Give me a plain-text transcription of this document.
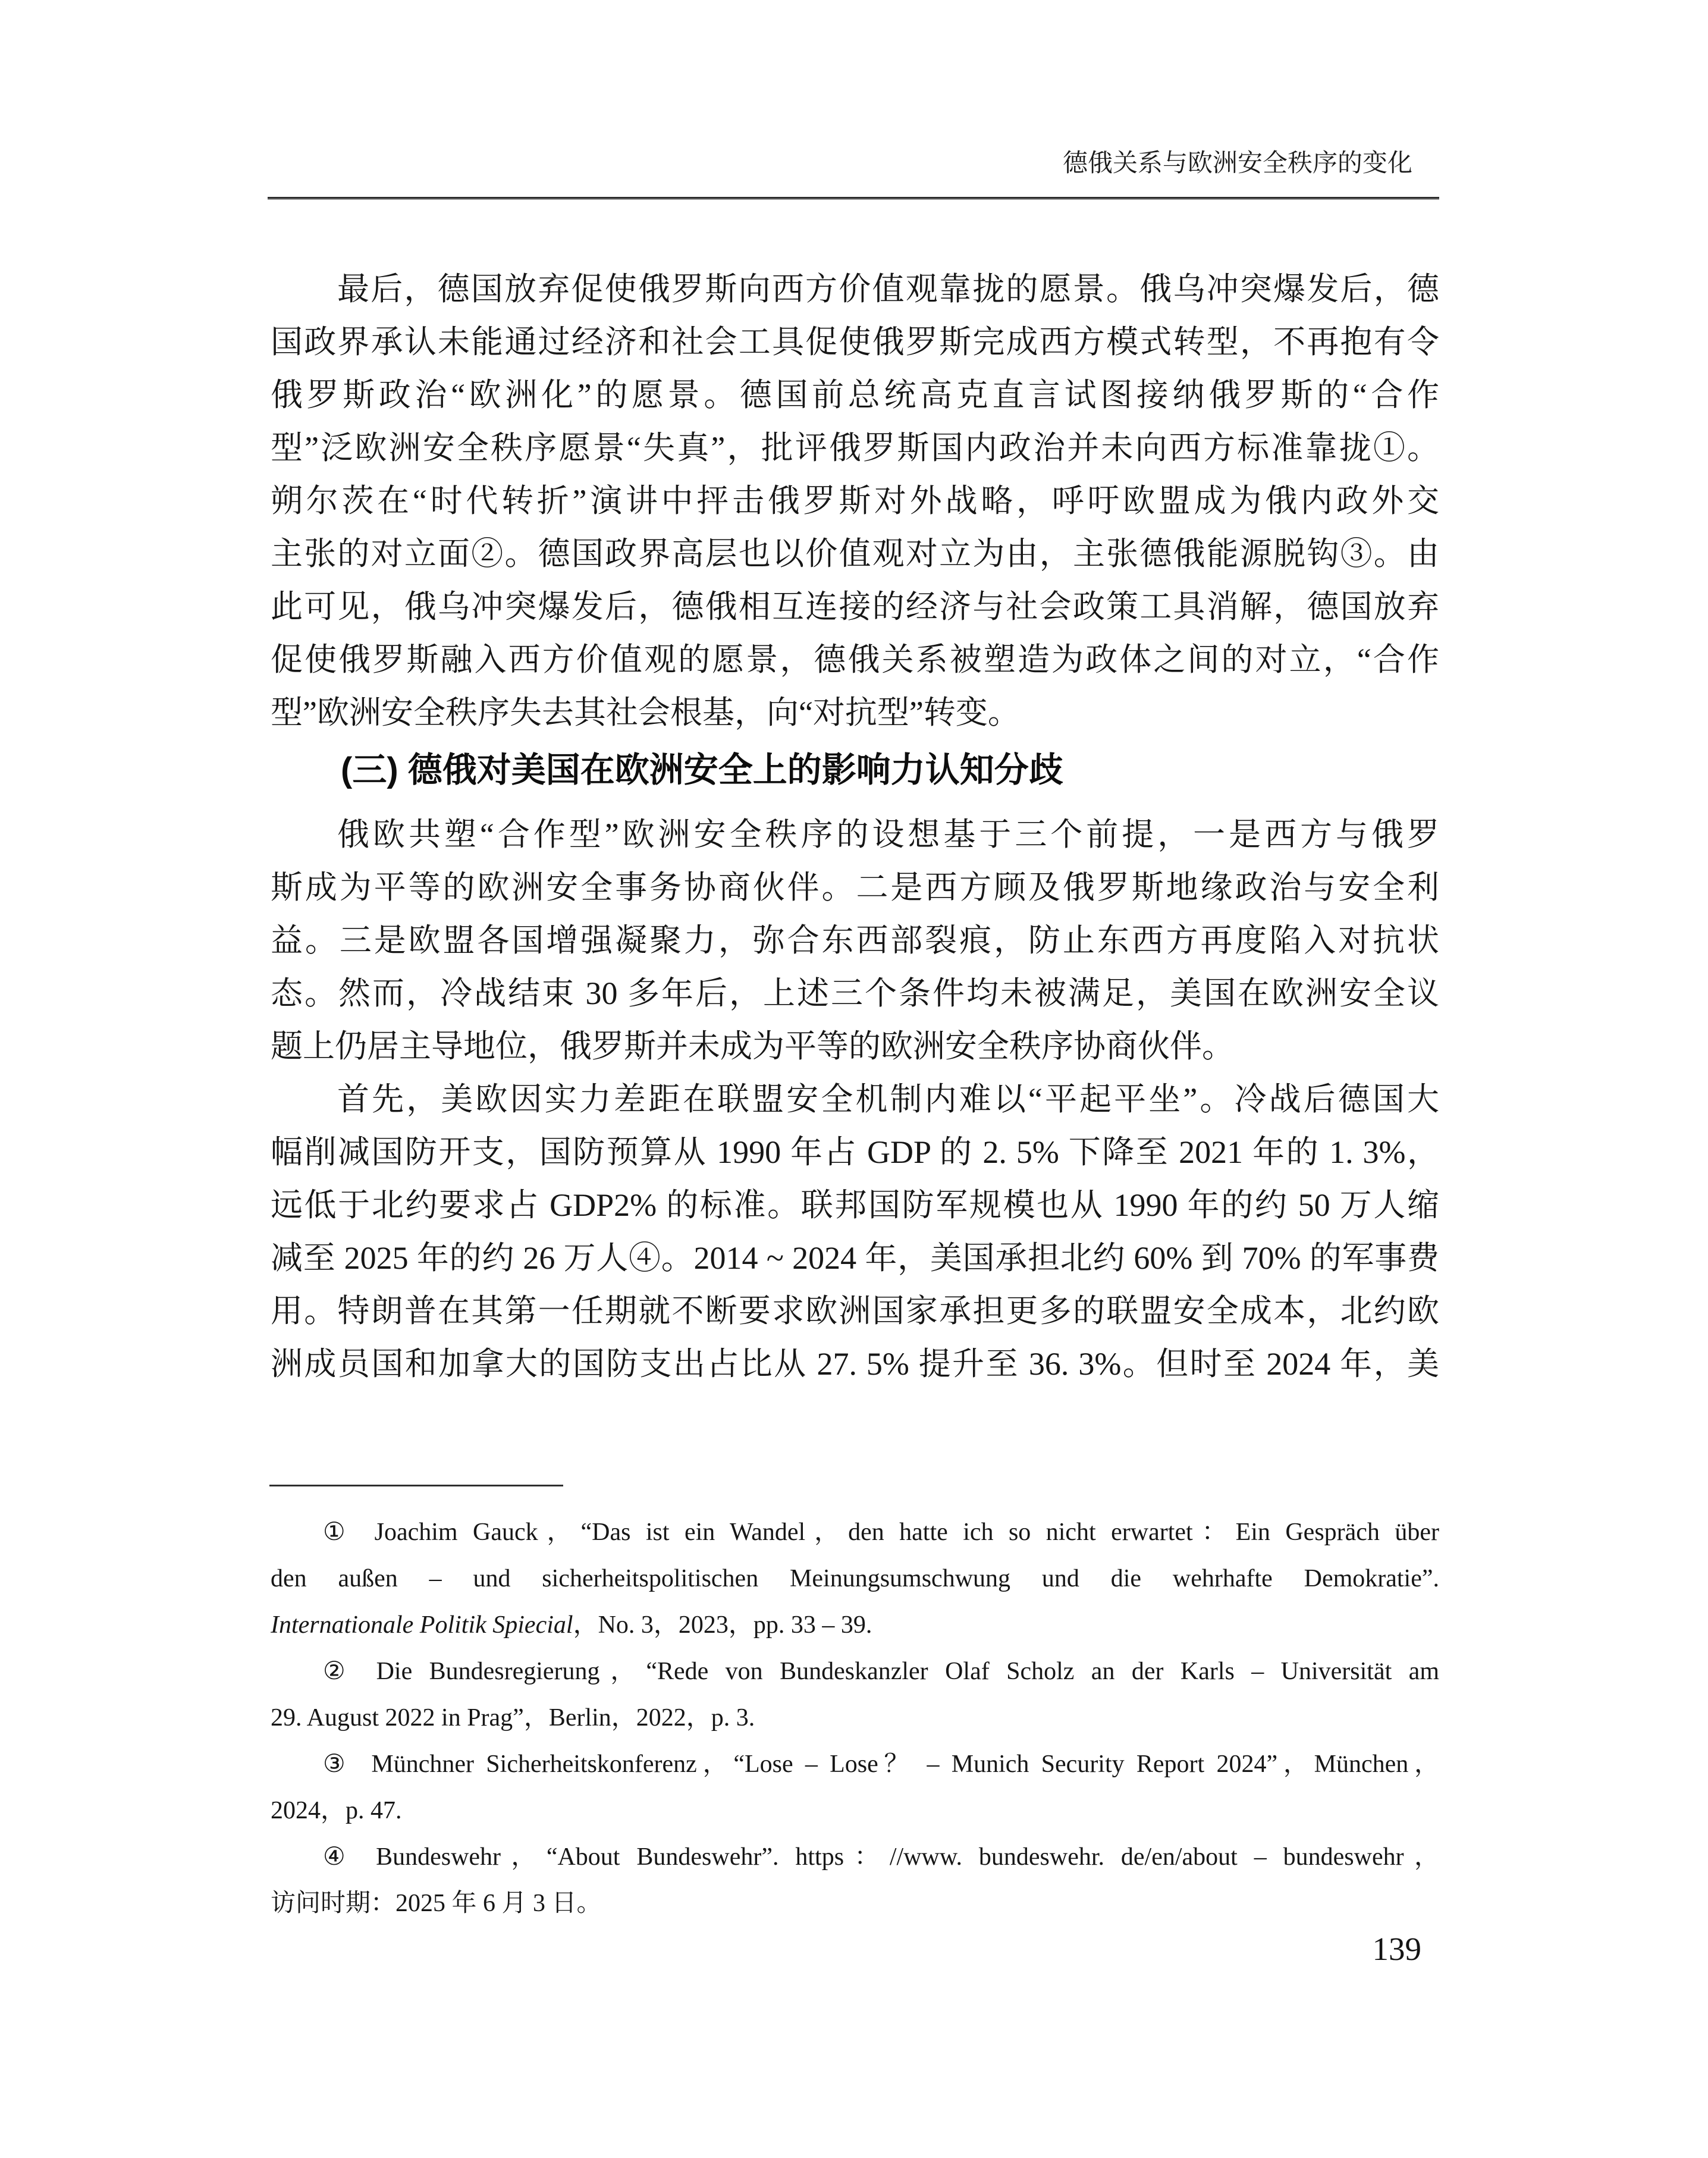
德俄关系与欧洲安全秩序的变化
最后，德国放弃促使俄罗斯向西方价值观靠拢的愿景。俄乌冲突爆发后，德
国政界承认未能通过经济和社会工具促使俄罗斯完成西方模式转型，不再抱有令
俄罗斯政治“欧洲化”的愿景。德国前总统高克直言试图接纳俄罗斯的“合作
型”泛欧洲安全秩序愿景“失真”，批评俄罗斯国内政治并未向西方标准靠拢①。
朔尔茨在“时代转折”演讲中抨击俄罗斯对外战略，呼吁欧盟成为俄内政外交
主张的对立面②。德国政界高层也以价值观对立为由，主张德俄能源脱钩③。由
此可见，俄乌冲突爆发后，德俄相互连接的经济与社会政策工具消解，德国放弃
促使俄罗斯融入西方价值观的愿景，德俄关系被塑造为政体之间的对立，“合作
型”欧洲安全秩序失去其社会根基，向“对抗型”转变。
(三) 德俄对美国在欧洲安全上的影响力认知分歧
俄欧共塑“合作型”欧洲安全秩序的设想基于三个前提，一是西方与俄罗
斯成为平等的欧洲安全事务协商伙伴。二是西方顾及俄罗斯地缘政治与安全利
益。三是欧盟各国增强凝聚力，弥合东西部裂痕，防止东西方再度陷入对抗状
态。然而，冷战结束 30 多年后，上述三个条件均未被满足，美国在欧洲安全议
题上仍居主导地位，俄罗斯并未成为平等的欧洲安全秩序协商伙伴。
首先，美欧因实力差距在联盟安全机制内难以“平起平坐”。冷战后德国大
幅削减国防开支，国防预算从 1990 年占 GDP 的 2. 5% 下降至 2021 年的 1. 3%，
远低于北约要求占 GDP2% 的标准。联邦国防军规模也从 1990 年的约 50 万人缩
减至 2025 年的约 26 万人④。2014 ~ 2024 年，美国承担北约 60% 到 70% 的军事费
用。特朗普在其第一任期就不断要求欧洲国家承担更多的联盟安全成本，北约欧
洲成员国和加拿大的国防支出占比从 27. 5% 提升至 36. 3%。但时至 2024 年，美
① Joachim Gauck，“Das ist ein Wandel，den hatte ich so nicht erwartet：Ein Gespräch über
den außen – und sicherheitspolitischen Meinungsumschwung und die wehrhafte Demokratie”.
Internationale Politik Spiecial，No. 3，2023，pp. 33 – 39.
② Die Bundesregierung，“Rede von Bundeskanzler Olaf Scholz an der Karls – Universität am
29. August 2022 in Prag”，Berlin，2022，p. 3.
③ Münchner Sicherheitskonferenz，“Lose – Lose？ – Munich Security Report 2024”，München，
2024，p. 47.
④ Bundeswehr，“About Bundeswehr”. https：//www. bundeswehr. de/en/about – bundeswehr，
访问时期：2025 年 6 月 3 日。
139
